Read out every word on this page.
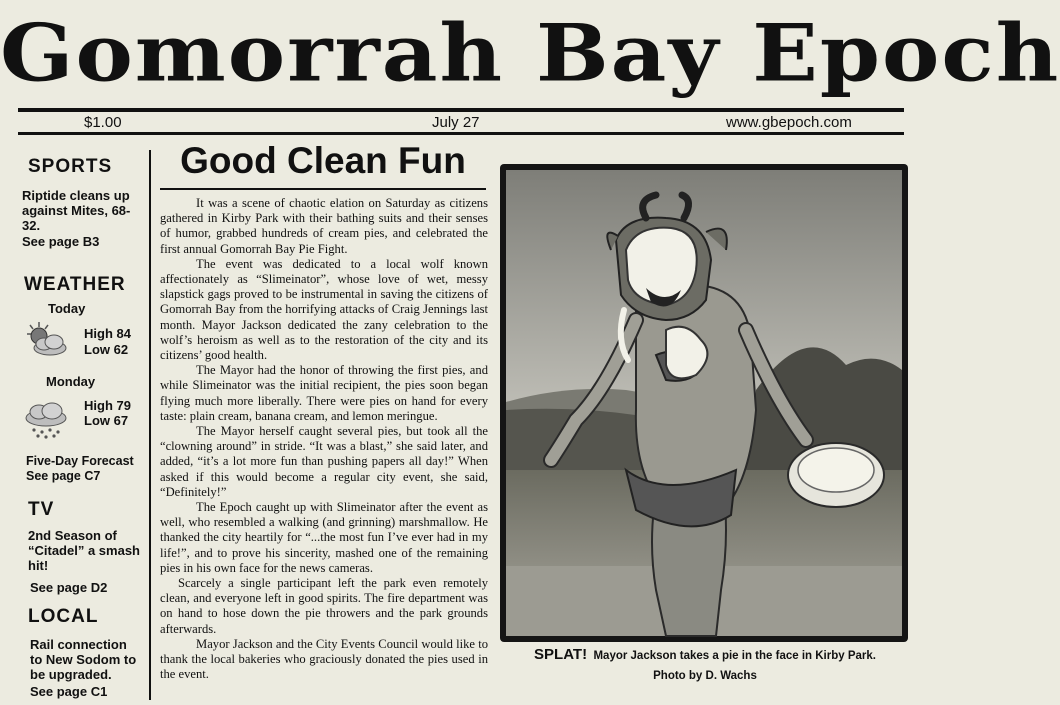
Gomorrah Bay Epoch
$1.00	July 27	www.gbepoch.com
SPORTS
Riptide cleans up against Mites, 68-32.
See page B3
WEATHER
Today
High 84
Low 62
Monday
High 79
Low 67
Five-Day Forecast
See page C7
TV
2nd Season of “Citadel” a smash hit!
See page D2
LOCAL
Rail connection to New Sodom to be upgraded.
See page C1
Good Clean Fun

It was a scene of chaotic elation on Saturday as citizens gathered in Kirby Park with their bathing suits and their senses of humor, grabbed hundreds of cream pies, and celebrated the first annual Gomorrah Bay Pie Fight.

The event was dedicated to a local wolf known affectionately as “Slimeinator”, whose love of wet, messy slapstick gags proved to be instrumental in saving the citizens of Gomorrah Bay from the horrifying attacks of Craig Jennings last month. Mayor Jackson dedicated the zany celebration to the wolf’s heroism as well as to the restoration of the city and its citizens’ good health.

The Mayor had the honor of throwing the first pies, and while Slimeinator was the initial recipient, the pies soon began flying much more liberally. There were pies on hand for every taste: plain cream, banana cream, and lemon meringue.

The Mayor herself caught several pies, but took all the “clowning around” in stride. “It was a blast,” she said later, and added, “it’s a lot more fun than pushing papers all day!” When asked if this would become a regular city event, she said, “Definitely!”

The Epoch caught up with Slimeinator after the event as well, who resembled a walking (and grinning) marshmallow. He thanked the city heartily for “...the most fun I’ve ever had in my life!”, and to prove his sincerity, mashed one of the remaining pies in his own face for the news cameras.

Scarcely a single participant left the park even remotely clean, and everyone left in good spirits. The fire department was on hand to hose down the pie throwers and the park grounds afterwards.

Mayor Jackson and the City Events Council would like to thank the local bakeries who graciously donated the pies used in the event.

SPLAT! Mayor Jackson takes a pie in the face in Kirby Park.
Photo by D. Wachs
